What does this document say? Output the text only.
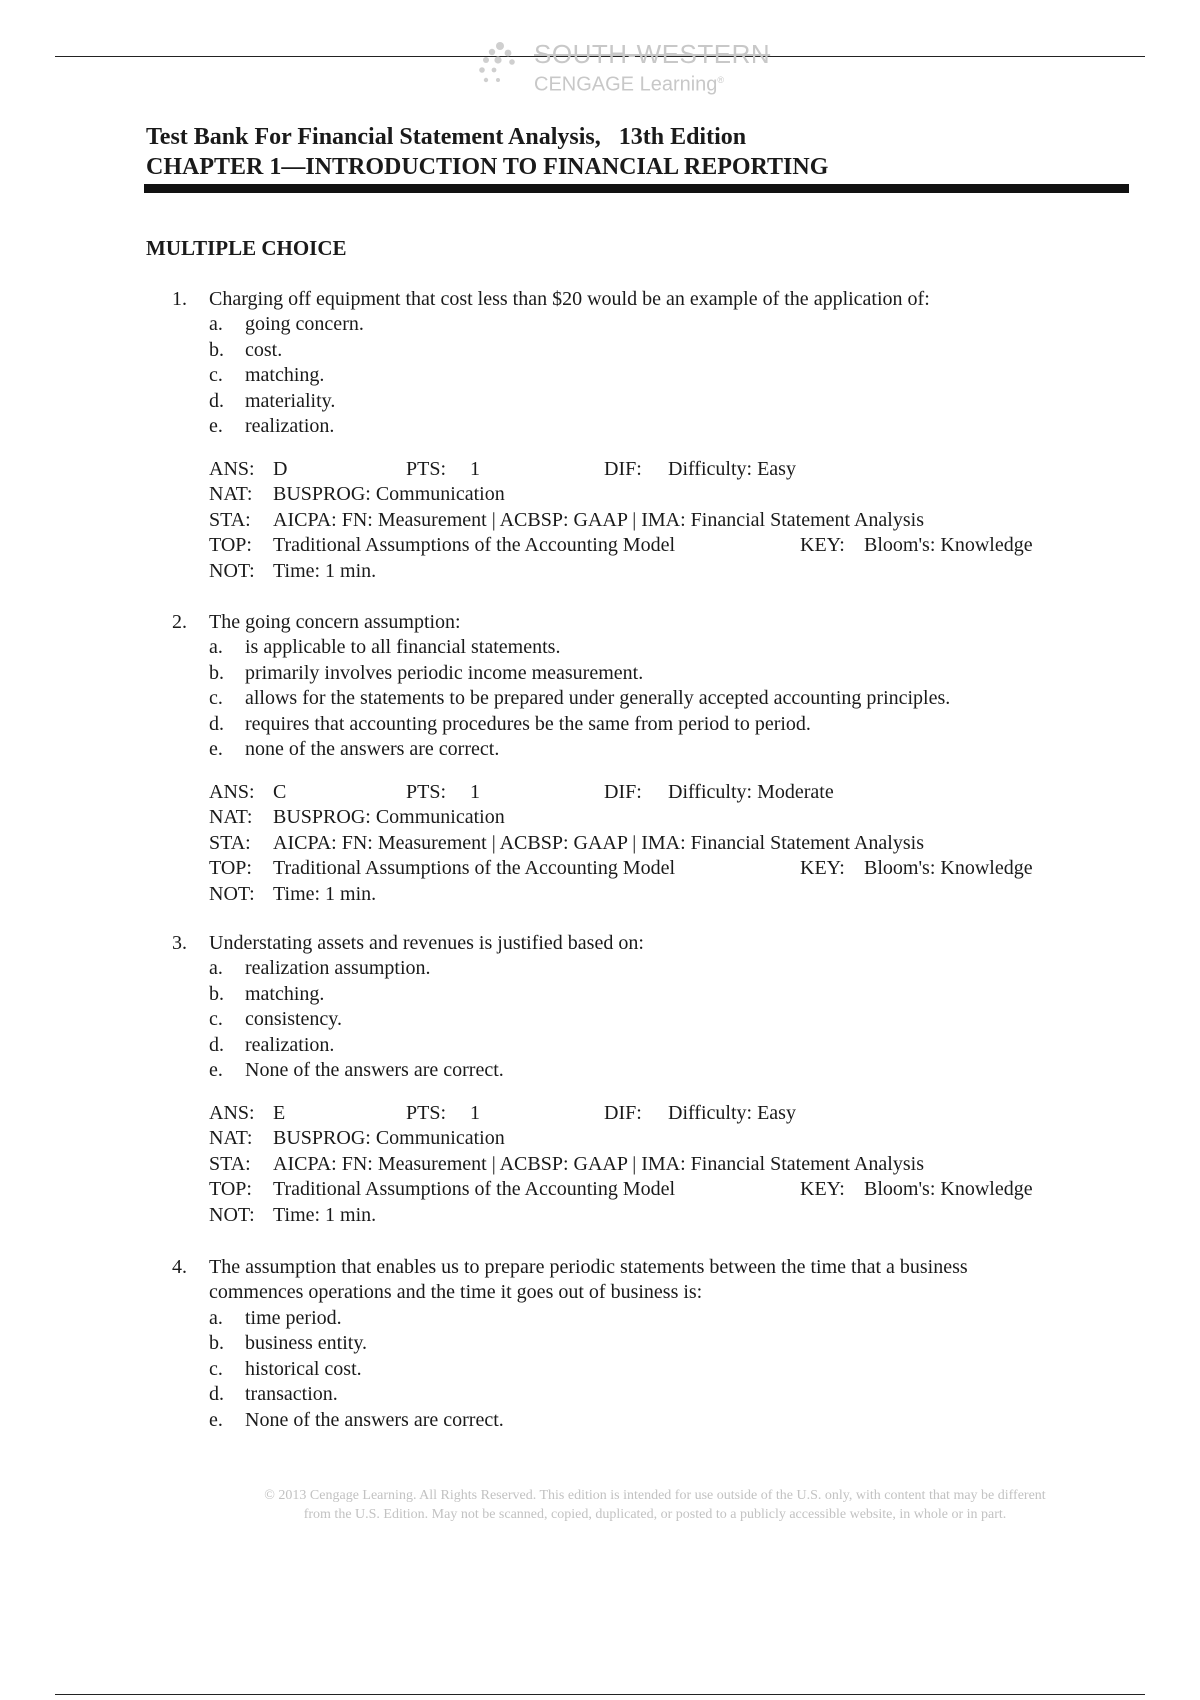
SOUTH-WESTERN
CENGAGE Learning®
Test Bank For Financial Statement Analysis,   13th Edition
CHAPTER 1—INTRODUCTION TO FINANCIAL REPORTING
MULTIPLE CHOICE
1.	Charging off equipment that cost less than $20 would be an example of the application of:
a.	going concern.
b.	cost.
c.	matching.
d.	materiality.
e.	realization.
ANS: D	PTS: 1	DIF: Difficulty: Easy
NAT: BUSPROG: Communication
STA: AICPA: FN: Measurement | ACBSP: GAAP | IMA: Financial Statement Analysis
TOP: Traditional Assumptions of the Accounting Model	KEY: Bloom's: Knowledge
NOT: Time: 1 min.
2.	The going concern assumption:
a.	is applicable to all financial statements.
b.	primarily involves periodic income measurement.
c.	allows for the statements to be prepared under generally accepted accounting principles.
d.	requires that accounting procedures be the same from period to period.
e.	none of the answers are correct.
ANS: C	PTS: 1	DIF: Difficulty: Moderate
NAT: BUSPROG: Communication
STA: AICPA: FN: Measurement | ACBSP: GAAP | IMA: Financial Statement Analysis
TOP: Traditional Assumptions of the Accounting Model	KEY: Bloom's: Knowledge
NOT: Time: 1 min.
3.	Understating assets and revenues is justified based on:
a.	realization assumption.
b.	matching.
c.	consistency.
d.	realization.
e.	None of the answers are correct.
ANS: E	PTS: 1	DIF: Difficulty: Easy
NAT: BUSPROG: Communication
STA: AICPA: FN: Measurement | ACBSP: GAAP | IMA: Financial Statement Analysis
TOP: Traditional Assumptions of the Accounting Model	KEY: Bloom's: Knowledge
NOT: Time: 1 min.
4.	The assumption that enables us to prepare periodic statements between the time that a business
commences operations and the time it goes out of business is:
a.	time period.
b.	business entity.
c.	historical cost.
d.	transaction.
e.	None of the answers are correct.
© 2013 Cengage Learning. All Rights Reserved. This edition is intended for use outside of the U.S. only, with content that may be different
from the U.S. Edition. May not be scanned, copied, duplicated, or posted to a publicly accessible website, in whole or in part.
